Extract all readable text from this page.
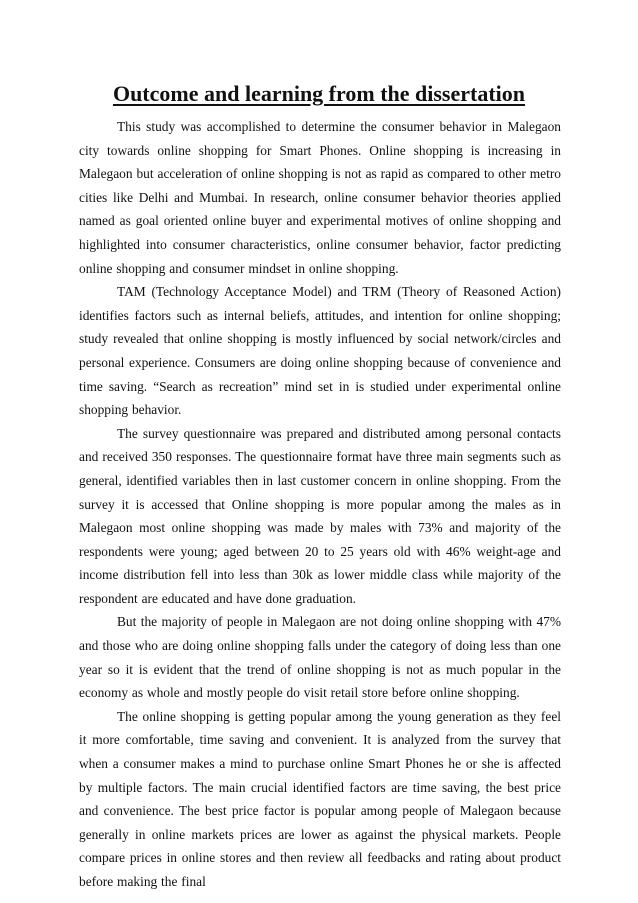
Outcome and learning from the dissertation

This study was accomplished to determine the consumer behavior in Malegaon city towards online shopping for Smart Phones. Online shopping is increasing in Malegaon but acceleration of online shopping is not as rapid as compared to other metro cities like Delhi and Mumbai. In research, online consumer behavior theories applied named as goal oriented online buyer and experimental motives of online shopping and highlighted into consumer characteristics, online consumer behavior, factor predicting online shopping and consumer mindset in online shopping.

TAM (Technology Acceptance Model) and TRM (Theory of Reasoned Action) identifies factors such as internal beliefs, attitudes, and intention for online shopping; study revealed that online shopping is mostly influenced by social network/circles and personal experience. Consumers are doing online shopping because of convenience and time saving. “Search as recreation” mind set in is studied under experimental online shopping behavior.

The survey questionnaire was prepared and distributed among personal contacts and received 350 responses. The questionnaire format have three main segments such as general, identified variables then in last customer concern in online shopping. From the survey it is accessed that Online shopping is more popular among the males as in Malegaon most online shopping was made by males with 73% and majority of the respondents were young; aged between 20 to 25 years old with 46% weight-age and income distribution fell into less than 30k as lower middle class while majority of the respondent are educated and have done graduation.

But the majority of people in Malegaon are not doing online shopping with 47% and those who are doing online shopping falls under the category of doing less than one year so it is evident that the trend of online shopping is not as much popular in the economy as whole and mostly people do visit retail store before online shopping.

The online shopping is getting popular among the young generation as they feel it more comfortable, time saving and convenient. It is analyzed from the survey that when a consumer makes a mind to purchase online Smart Phones he or she is affected by multiple factors. The main crucial identified factors are time saving, the best price and convenience. The best price factor is popular among people of Malegaon because generally in online markets prices are lower as against the physical markets. People compare prices in online stores and then review all feedbacks and rating about product before making the final
